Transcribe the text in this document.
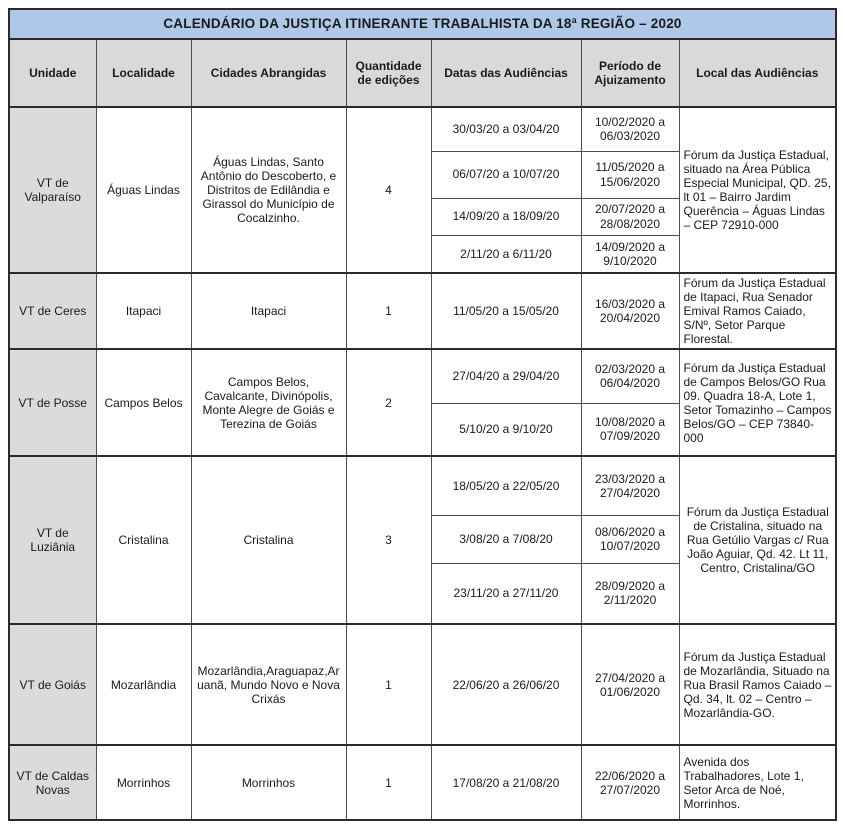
CALENDÁRIO DA JUSTIÇA ITINERANTE TRABALHISTA DA 18ª REGIÃO – 2020						
Unidade	Localidade	Cidades Abrangidas	Quantidade de edições	Datas das Audiências	Período de Ajuizamento	Local das Audiências
VT de Valparaíso	Águas Lindas	Águas Lindas, Santo Antônio do Descoberto, e Distritos de Edilândia e Girassol do Município de Cocalzinho.	4	30/03/20 a 03/04/20	10/02/2020 a 06/03/2020	Fórum da Justiça Estadual, situado na Área Pública Especial Municipal, QD. 25, lt 01 – Bairro Jardim Querência – Águas Lindas – CEP 72910-000
				06/07/20 a 10/07/20	11/05/2020 a 15/06/2020	
				14/09/20 a 18/09/20	20/07/2020 a 28/08/2020	
				2/11/20 a 6/11/20	14/09/2020 a 9/10/2020	
VT de Ceres	Itapaci	Itapaci	1	11/05/20 a 15/05/20	16/03/2020 a 20/04/2020	Fórum da Justiça Estadual de Itapaci, Rua Senador Emival Ramos Caiado, S/Nº, Setor Parque Florestal.
VT de Posse	Campos Belos	Campos Belos, Cavalcante, Divinópolis, Monte Alegre de Goiás e Terezina de Goiás	2	27/04/20 a 29/04/20	02/03/2020 a 06/04/2020	Fórum da Justiça Estadual de Campos Belos/GO Rua 09. Quadra 18-A, Lote 1, Setor Tomazinho – Campos Belos/GO – CEP 73840-000
				5/10/20 a 9/10/20	10/08/2020 a 07/09/2020	
VT de Luziânia	Cristalina	Cristalina	3	18/05/20 a 22/05/20	23/03/2020 a 27/04/2020	Fórum da Justiça Estadual de Cristalina, situado na Rua Getúlio Vargas c/ Rua João Aguiar, Qd. 42. Lt 11, Centro, Cristalina/GO
				3/08/20 a 7/08/20	08/06/2020 a 10/07/2020	
				23/11/20 a 27/11/20	28/09/2020 a 2/11/2020	
VT de Goiás	Mozarlândia	Mozarlândia,Araguapaz,Aruanã, Mundo Novo e Nova Crixás	1	22/06/20 a 26/06/20	27/04/2020 a 01/06/2020	Fórum da Justiça Estadual de Mozarlândia, Situado na Rua Brasil Ramos Caiado – Qd. 34, lt. 02 – Centro – Mozarlândia-GO.
VT de Caldas Novas	Morrinhos	Morrinhos	1	17/08/20 a 21/08/20	22/06/2020 a 27/07/2020	Avenida dos Trabalhadores, Lote 1, Setor Arca de Noé, Morrinhos.
